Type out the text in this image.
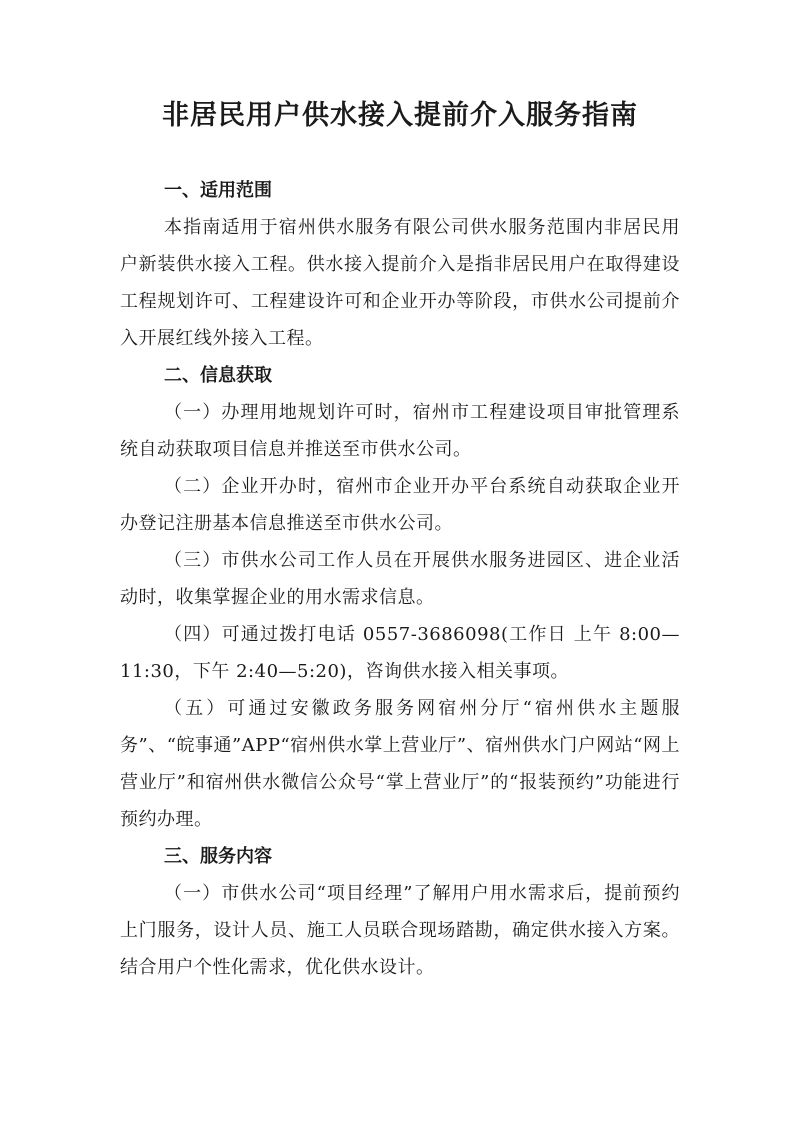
非居民用户供水接入提前介入服务指南

一、适用范围

本指南适用于宿州供水服务有限公司供水服务范围内非居民用户新装供水接入工程。供水接入提前介入是指非居民用户在取得建设工程规划许可、工程建设许可和企业开办等阶段，市供水公司提前介入开展红线外接入工程。

二、信息获取

（一）办理用地规划许可时，宿州市工程建设项目审批管理系统自动获取项目信息并推送至市供水公司。

（二）企业开办时，宿州市企业开办平台系统自动获取企业开办登记注册基本信息推送至市供水公司。

（三）市供水公司工作人员在开展供水服务进园区、进企业活动时，收集掌握企业的用水需求信息。

（四）可通过拨打电话 0557-3686098(工作日 上午 8:00—11:30，下午 2:40—5:20)，咨询供水接入相关事项。

（五）可通过安徽政务服务网宿州分厅“宿州供水主题服务”、“皖事通”APP“宿州供水掌上营业厅”、宿州供水门户网站“网上营业厅”和宿州供水微信公众号“掌上营业厅”的“报装预约”功能进行预约办理。

三、服务内容

（一）市供水公司“项目经理”了解用户用水需求后，提前预约上门服务，设计人员、施工人员联合现场踏勘，确定供水接入方案。结合用户个性化需求，优化供水设计。
